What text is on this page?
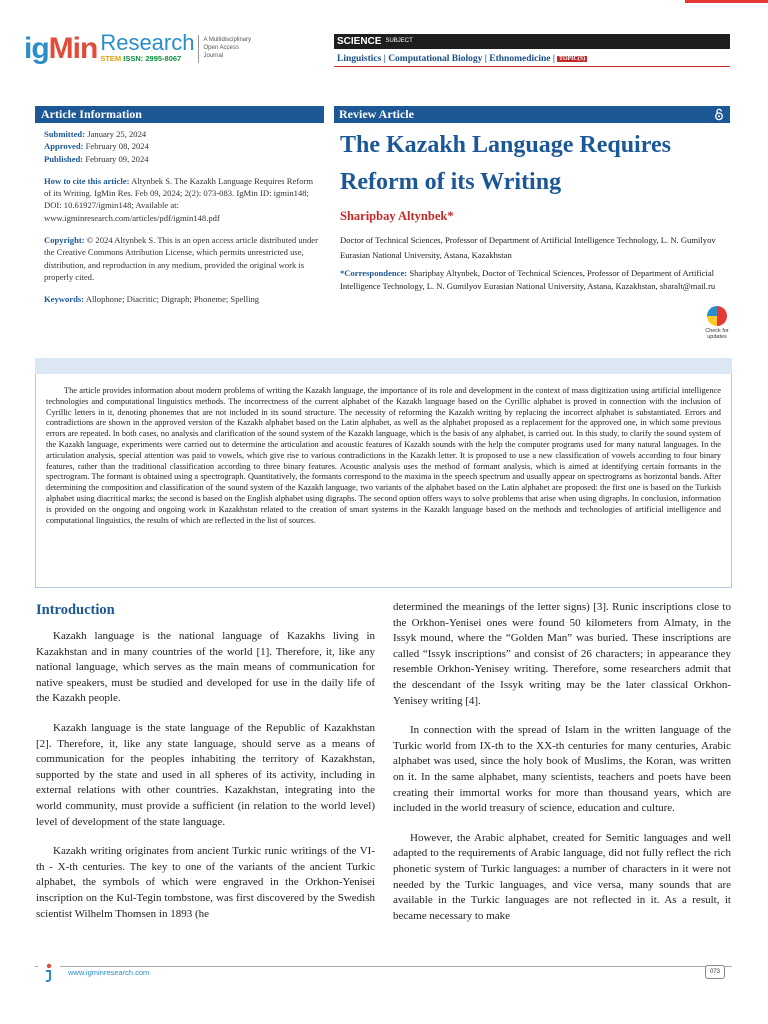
ig Min Research
STEM ISSN: 2995-8067
A Multidisciplinary
Open Access
Journal
SCIENCE $^{SUBJECT}$
Linguistics | Computational Biology | Ethnomedicine | TOPIC(S)
Article Information

Submitted: January 25, 2024

Approved: February 08, 2024

Published: February 09, 2024

How to cite this article: Altynbek S. The Kazakh Language Requires Reform of its Writing. IgMin Res. Feb 09, 2024; 2(2): 073-083. IgMin ID: igmin148; DOI: 10.61927/igmin148; Available at: www.igminresearch.com/articles/pdf/igmin148.pdf

Copyright: © 2024 Altynbek S. This is an open access article distributed under the Creative Commons Attribution License, which permits unrestricted use, distribution, and reproduction in any medium, provided the original work is properly cited.

Keywords: Allophone; Diacritic; Digraph; Phoneme; Spelling

Review Article
The Kazakh Language Requires Reform of its Writing
Sharipbay Altynbek*
Doctor of Technical Sciences, Professor of Department of Artificial Intelligence Technology, L. N. Gumilyov Eurasian National University, Astana, Kazakhstan
*Correspondence: Sharipbay Altynbek, Doctor of Technical Sciences, Professor of Department of Artificial Intelligence Technology, L. N. Gumilyov Eurasian National University, Astana, Kazakhstan, sharalt@mail.ru
Check for updates

The article provides information about modern problems of writing the Kazakh language, the importance of its role and development in the context of mass digitization using artificial intelligence technologies and computational linguistics methods. The incorrectness of the current alphabet of the Kazakh language based on the Cyrillic alphabet is proved in connection with the inclusion of Cyrillic letters in it, denoting phonemes that are not included in its sound structure. The necessity of reforming the Kazakh writing by replacing the incorrect alphabet is substantiated. Errors and contradictions are shown in the approved version of the Kazakh alphabet based on the Latin alphabet, as well as the alphabet proposed as a replacement for the approved one, in which some previous errors are repeated. In both cases, no analysis and clarification of the sound system of the Kazakh language, which is the basis of any alphabet, is carried out. In this study, to clarify the sound system of the Kazakh language, experiments were carried out to determine the articulation and acoustic features of Kazakh sounds with the help the computer programs used for many natural languages. In the articulation analysis, special attention was paid to vowels, which give rise to various contradictions in the Kazakh letter. It is proposed to use a new classification of vowels according to four binary features, rather than the traditional classification according to three binary features. Acoustic analysis uses the method of formant analysis, which is aimed at identifying certain formants in the spectrogram. The formant is obtained using a spectrograph. Quantitatively, the formants correspond to the maxima in the speech spectrum and usually appear on spectrograms as horizontal bands. After determining the composition and classification of the sound system of the Kazakh language, two variants of the alphabet based on the Latin alphabet are proposed: the first one is based on the Turkish alphabet using diacritical marks; the second is based on the English alphabet using digraphs. The second option offers ways to solve problems that arise when using digraphs. In conclusion, information is provided on the ongoing and ongoing work in Kazakhstan related to the creation of smart systems in the Kazakh language based on the methods and technologies of artificial intelligence and computational linguistics, the results of which are reflected in the list of sources.

Introduction

Kazakh language is the national language of Kazakhs living in Kazakhstan and in many countries of the world [1]. Therefore, it, like any national language, which serves as the main means of communication for native speakers, must be studied and developed for use in the daily life of the Kazakh people.

Kazakh language is the state language of the Republic of Kazakhstan [2]. Therefore, it, like any state language, should serve as a means of communication for the peoples inhabiting the territory of Kazakhstan, supported by the state and used in all spheres of its activity, including in external relations with other countries. Kazakhstan, integrating into the world community, must provide a sufficient (in relation to the world level) level of development of the state language.

Kazakh writing originates from ancient Turkic runic writings of the VI-th - X-th centuries. The key to one of the variants of the ancient Turkic alphabet, the symbols of which were engraved in the Orkhon-Yenisei inscription on the Kul-Tegin tombstone, was first discovered by the Swedish scientist Wilhelm Thomsen in 1893 (he

determined the meanings of the letter signs) [3]. Runic inscriptions close to the Orkhon-Yenisei ones were found 50 kilometers from Almaty, in the Issyk mound, where the “Golden Man” was buried. These inscriptions are called “Issyk inscriptions” and consist of 26 characters; in appearance they resemble Orkhon-Yenisey writing. Therefore, some researchers admit that the descendant of the Issyk writing may be the later classical Orkhon-Yenisey writing [4].

In connection with the spread of Islam in the written language of the Turkic world from IX-th to the XX-th centuries for many centuries, Arabic alphabet was used, since the holy book of Muslims, the Koran, was written on it. In the same alphabet, many scientists, teachers and poets have been creating their immortal works for more than thousand years, which are included in the world treasury of science, education and culture.

However, the Arabic alphabet, created for Semitic languages and well adapted to the requirements of Arabic language, did not fully reflect the rich phonetic system of Turkic languages: a number of characters in it were not needed by the Turkic languages, and vice versa, many sounds that are available in the Turkic languages are not reflected in it. As a result, it became necessary to make

www.igminresearch.com	073
